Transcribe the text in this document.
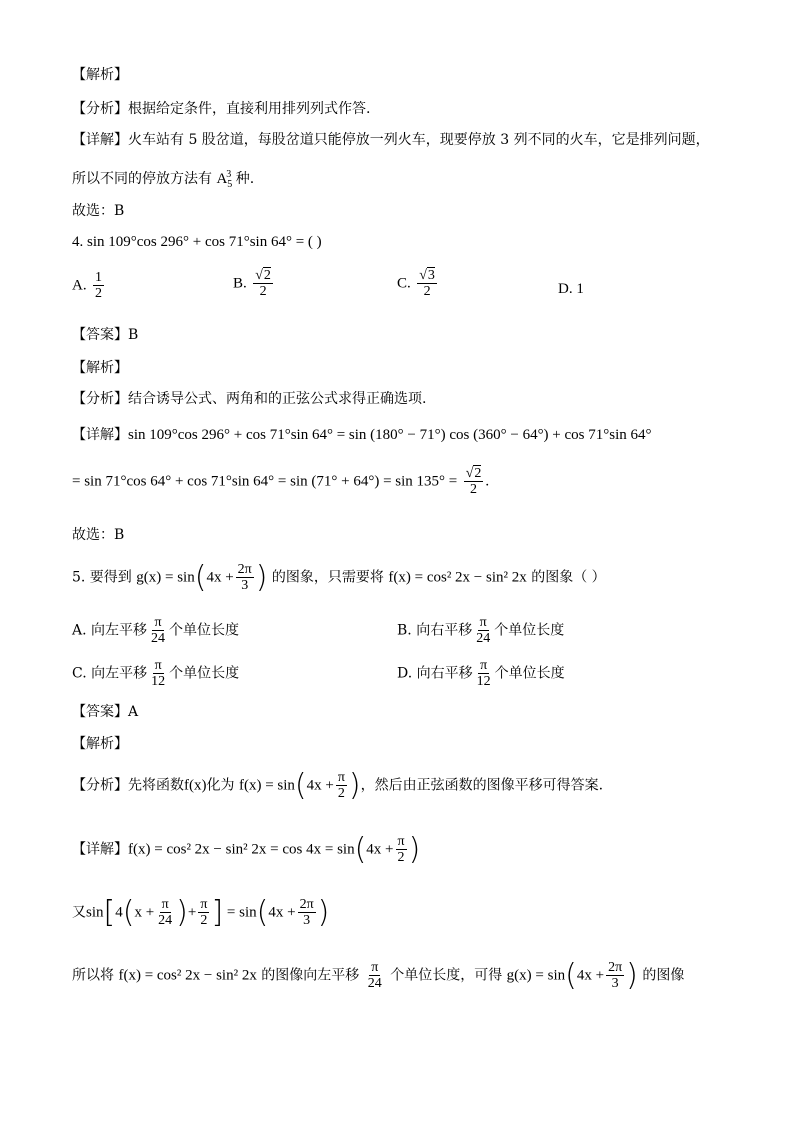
【解析】
【分析】根据给定条件，直接利用排列列式作答.
【详解】火车站有 5 股岔道，每股岔道只能停放一列火车，现要停放 3 列不同的火车，它是排列问题，
所以不同的停放方法有 $A_5^3$ 种.
故选：B
4. sin 109°cos 296° + cos 71°sin 64° = ( )
A. $\frac{1}{2}$	B. $\frac{√2}{2}$	C. $\frac{√3}{2}$	D. 1
【答案】B
【解析】
【分析】结合诱导公式、两角和的正弦公式求得正确选项.
【详解】sin 109°cos 296° + cos 71°sin 64° = sin (180° − 71°) cos (360° − 64°) + cos 71°sin 64°
= sin 71°cos 64° + cos 71°sin $64^\circ = \sin (71^\circ + 64^\circ) = \sin 135^\circ = \frac{√2}{2}$ .
故选：B
5. 要得到 $g(x) = \sin(4x + \frac{2\pi}{3}$ ) 的图象，只需要将 f(x) = cos² 2x − sin² 2x 的图象（ ）
A. 向左平移 $\frac{\pi}{24}$ 个单位长度	B. 向右平移 $\frac{\pi}{24}$ 个单位长度
C. 向左平移 $\frac{\pi}{12}$ 个单位长度	D. 向右平移 $\frac{\pi}{12}$ 个单位长度
【答案】A
【解析】
【分析】先将函数f(x)化为 $f(x) = \sin(4x + \frac{\pi}{2}$ )，然后由正弦函数的图像平移可得答案.
【详解】f(x) = cos² 2x − sin² $2x = \cos 4x = \sin(4x + \frac{\pi}{2}$ )
又$\sin[4(x + \frac{\pi}{24}$ )+ $\frac{\pi}{2}$ ] = $\sin(4x + \frac{2\pi}{3}$ )
所以将 f(x) = cos² 2x − sin² 2x 的图像向左平移 $\frac{\pi}{24}$ 个单位长度，可得 $g(x) = \sin(4x + \frac{2\pi}{3}$ ) 的图像
